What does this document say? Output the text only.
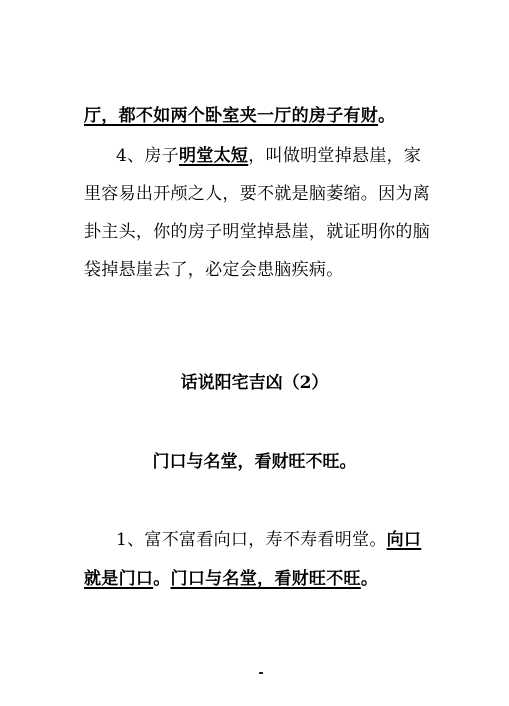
厅，都不如两个卧室夹一厅的房子有财。
4、房子明堂太短，叫做明堂掉悬崖，家
里容易出开颅之人，要不就是脑萎缩。因为离
卦主头，你的房子明堂掉悬崖，就证明你的脑
袋掉悬崖去了，必定会患脑疾病。
话说阳宅吉凶（2）
门口与名堂，看财旺不旺。
1、富不富看向口，寿不寿看明堂。向口
就是门口。门口与名堂，看财旺不旺。
